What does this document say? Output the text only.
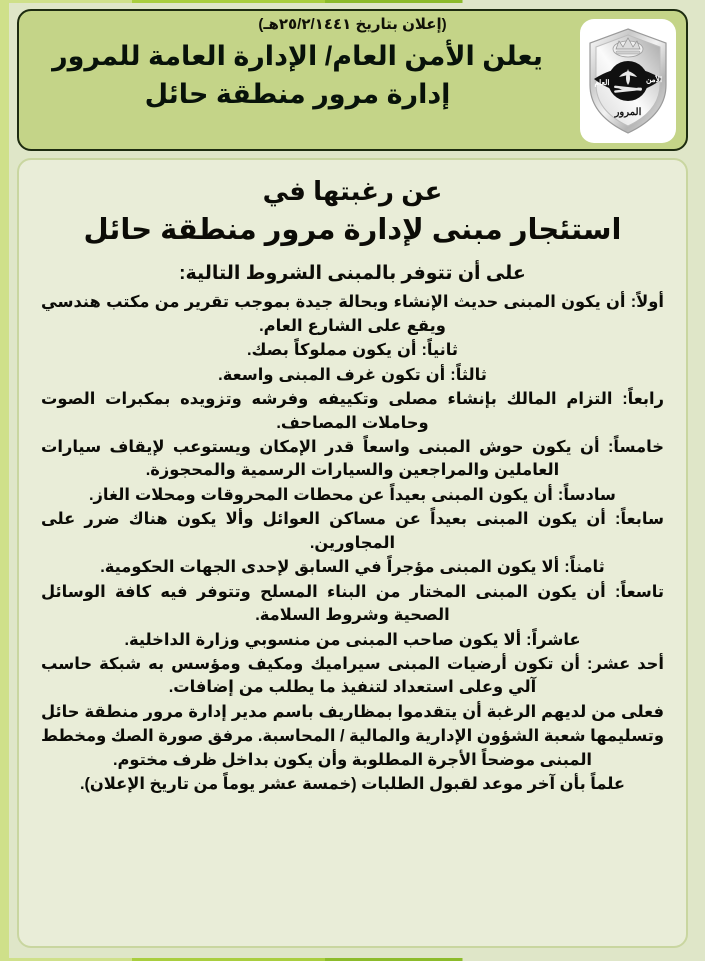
(إعلان بتاريخ ٢٥/٢/١٤٤١هـ)
الأمن
العام
المرور
يعلن الأمن العام/ الإدارة العامة للمرور
إدارة مرور منطقة حائل
عن رغبتها في
استئجار مبنى لإدارة مرور منطقة حائل
على أن تتوفر بالمبنى الشروط التالية:
أولاً: أن يكون المبنى حديث الإنشاء وبحالة جيدة بموجب تقرير من مكتب هندسي ويقع على الشارع العام.
ثانياً: أن يكون مملوكاً بصك.
ثالثاً: أن تكون غرف المبنى واسعة.
رابعاً: التزام المالك بإنشاء مصلى وتكييفه وفرشه وتزويده بمكبرات الصوت وحاملات المصاحف.
خامساً: أن يكون حوش المبنى واسعاً قدر الإمكان ويستوعب لإيقاف سيارات العاملين والمراجعين والسيارات الرسمية والمحجوزة.
سادساً: أن يكون المبنى بعيداً عن محطات المحروقات ومحلات الغاز.
سابعاً: أن يكون المبنى بعيداً عن مساكن العوائل وألا يكون هناك ضرر على المجاورين.
ثامناً: ألا يكون المبنى مؤجراً في السابق لإحدى الجهات الحكومية.
تاسعاً: أن يكون المبنى المختار من البناء المسلح وتتوفر فيه كافة الوسائل الصحية وشروط السلامة.
عاشراً: ألا يكون صاحب المبنى من منسوبي وزارة الداخلية.
أحد عشر: أن تكون أرضيات المبنى سيراميك ومكيف ومؤسس به شبكة حاسب آلي وعلى استعداد لتنفيذ ما يطلب من إضافات.
فعلى من لديهم الرغبة أن يتقدموا بمظاريف باسم مدير إدارة مرور منطقة حائل وتسليمها شعبة الشؤون الإدارية والمالية / المحاسبة. مرفق صورة الصك ومخطط المبنى موضحاً الأجرة المطلوبة وأن يكون بداخل ظرف مختوم.
علماً بأن آخر موعد لقبول الطلبات (خمسة عشر يوماً من تاريخ الإعلان).
